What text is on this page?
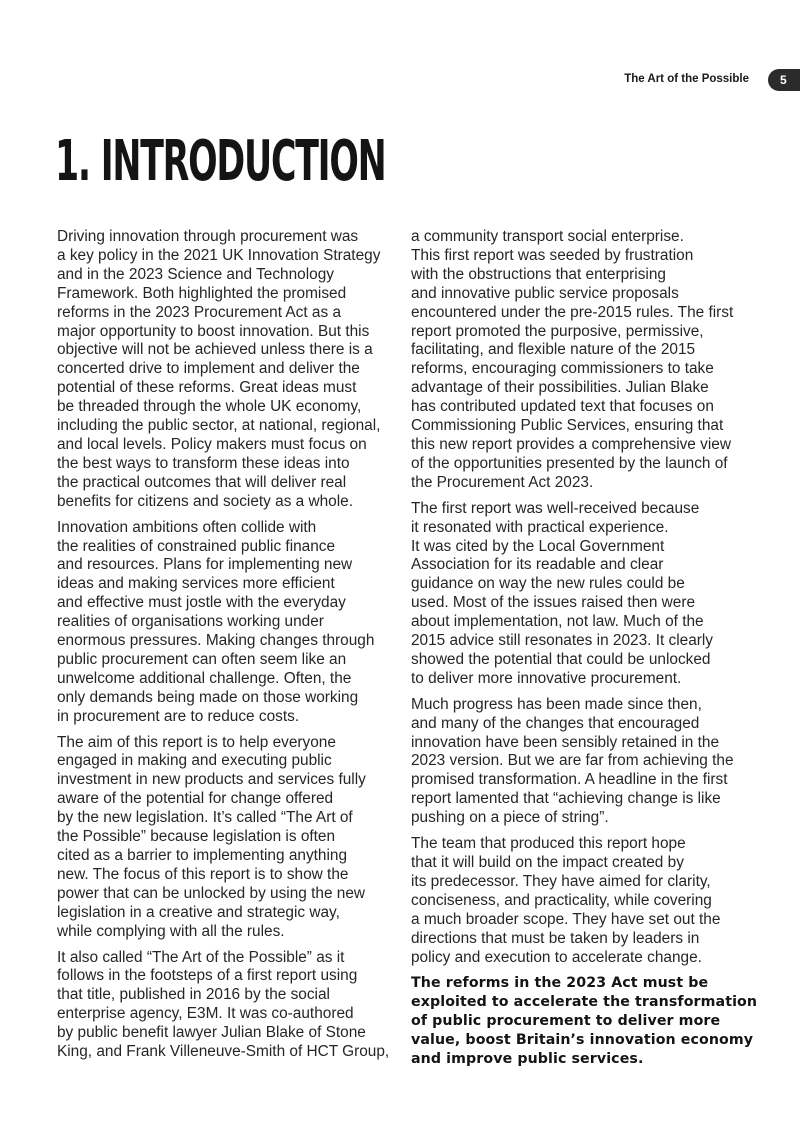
The Art of the Possible	5
1. INTRODUCTION

Driving innovation through procurement was
a key policy in the 2021 UK Innovation Strategy
and in the 2023 Science and Technology
Framework. Both highlighted the promised
reforms in the 2023 Procurement Act as a
major opportunity to boost innovation. But this
objective will not be achieved unless there is a
concerted drive to implement and deliver the
potential of these reforms. Great ideas must
be threaded through the whole UK economy,
including the public sector, at national, regional,
and local levels. Policy makers must focus on
the best ways to transform these ideas into
the practical outcomes that will deliver real
benefits for citizens and society as a whole.

Innovation ambitions often collide with
the realities of constrained public finance
and resources. Plans for implementing new
ideas and making services more efficient
and effective must jostle with the everyday
realities of organisations working under
enormous pressures. Making changes through
public procurement can often seem like an
unwelcome additional challenge. Often, the
only demands being made on those working
in procurement are to reduce costs.

The aim of this report is to help everyone
engaged in making and executing public
investment in new products and services fully
aware of the potential for change offered
by the new legislation. It’s called “The Art of
the Possible” because legislation is often
cited as a barrier to implementing anything
new. The focus of this report is to show the
power that can be unlocked by using the new
legislation in a creative and strategic way,
while complying with all the rules.

It also called “The Art of the Possible” as it
follows in the footsteps of a first report using
that title, published in 2016 by the social
enterprise agency, E3M. It was co-authored
by public benefit lawyer Julian Blake of Stone
King, and Frank Villeneuve-Smith of HCT Group,

a community transport social enterprise.
This first report was seeded by frustration
with the obstructions that enterprising
and innovative public service proposals
encountered under the pre-2015 rules. The first
report promoted the purposive, permissive,
facilitating, and flexible nature of the 2015
reforms, encouraging commissioners to take
advantage of their possibilities. Julian Blake
has contributed updated text that focuses on
Commissioning Public Services, ensuring that
this new report provides a comprehensive view
of the opportunities presented by the launch of
the Procurement Act 2023.

The first report was well-received because
it resonated with practical experience.
It was cited by the Local Government
Association for its readable and clear
guidance on way the new rules could be
used. Most of the issues raised then were
about implementation, not law. Much of the
2015 advice still resonates in 2023. It clearly
showed the potential that could be unlocked
to deliver more innovative procurement.

Much progress has been made since then,
and many of the changes that encouraged
innovation have been sensibly retained in the
2023 version. But we are far from achieving the
promised transformation. A headline in the first
report lamented that “achieving change is like
pushing on a piece of string”.

The team that produced this report hope
that it will build on the impact created by
its predecessor. They have aimed for clarity,
conciseness, and practicality, while covering
a much broader scope. They have set out the
directions that must be taken by leaders in
policy and execution to accelerate change.

The reforms in the 2023 Act must be
exploited to accelerate the transformation
of public procurement to deliver more
value, boost Britain’s innovation economy
and improve public services.
